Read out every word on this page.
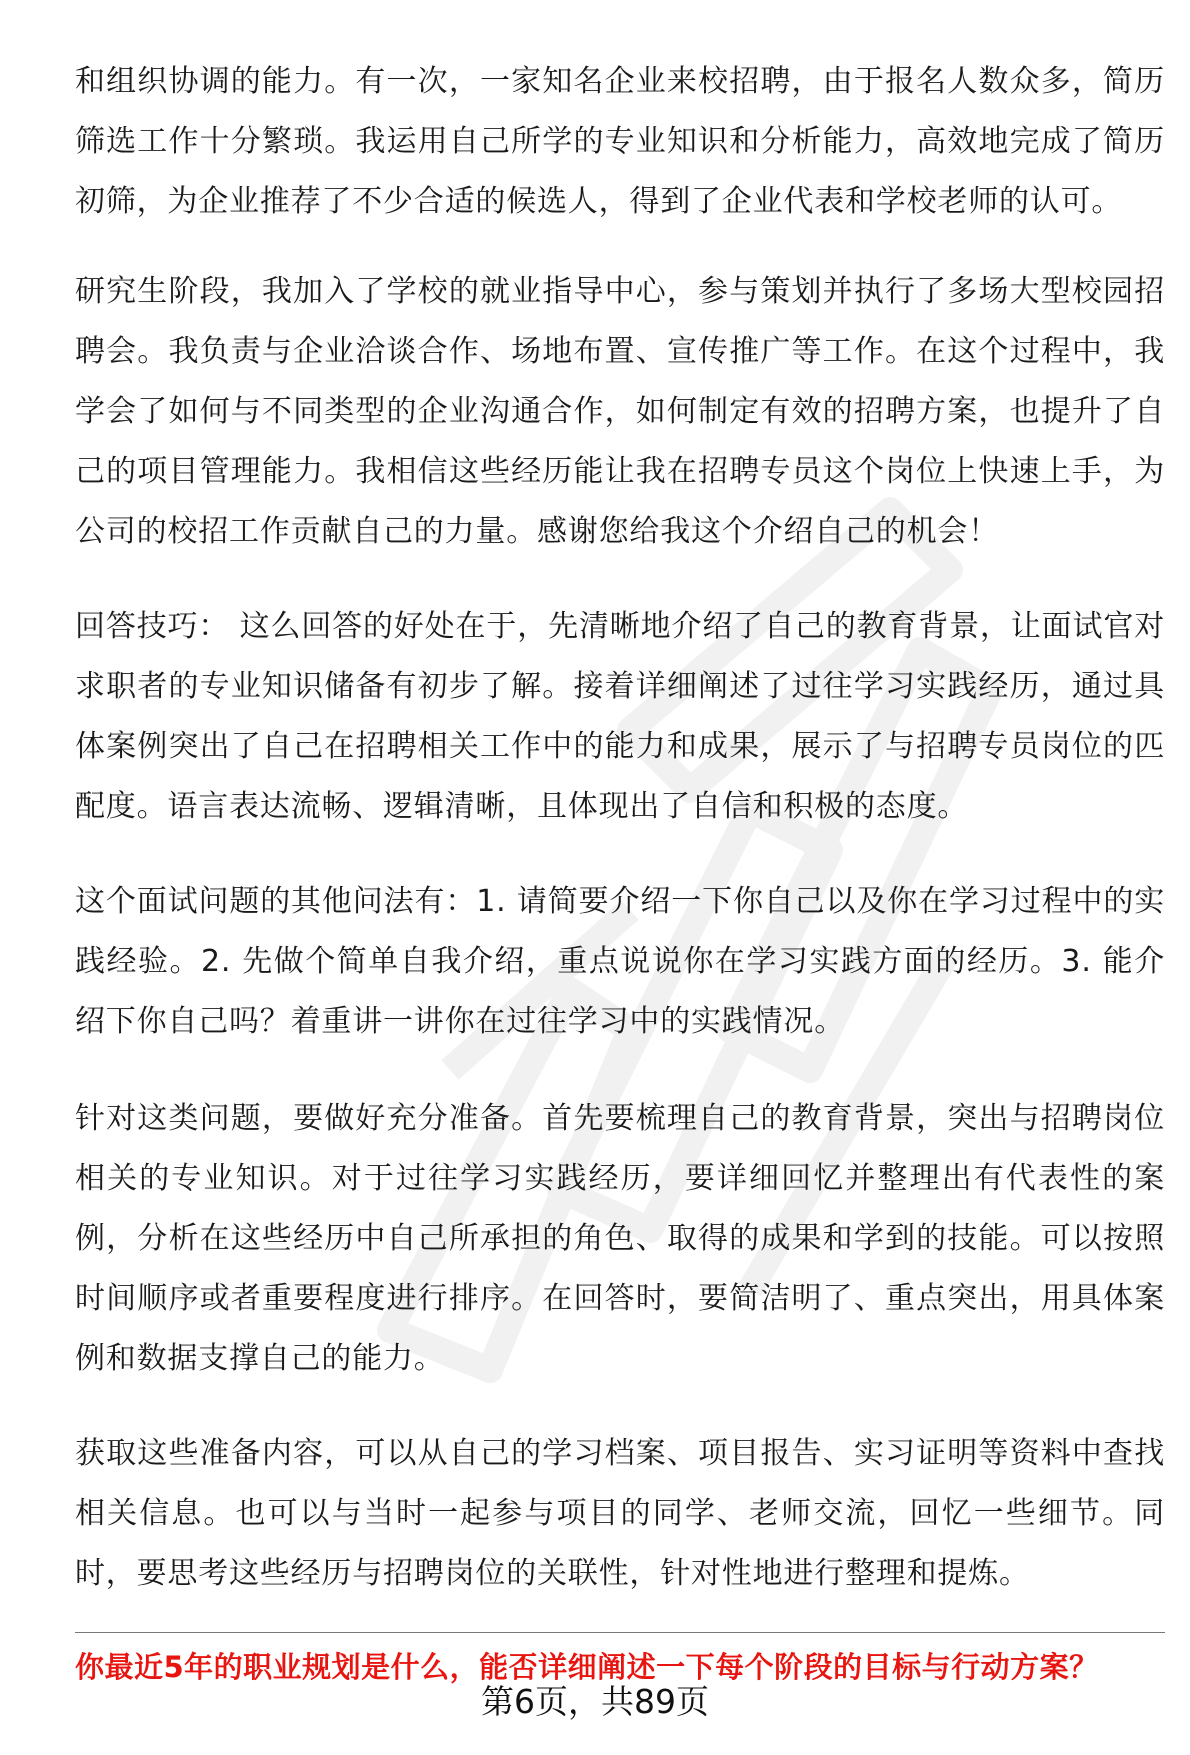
和组织协调的能力。有一次，一家知名企业来校招聘，由于报名人数众多，简历筛选工作十分繁琐。我运用自己所学的专业知识和分析能力，高效地完成了简历初筛，为企业推荐了不少合适的候选人，得到了企业代表和学校老师的认可。

研究生阶段，我加入了学校的就业指导中心，参与策划并执行了多场大型校园招聘会。我负责与企业洽谈合作、场地布置、宣传推广等工作。在这个过程中，我学会了如何与不同类型的企业沟通合作，如何制定有效的招聘方案，也提升了自己的项目管理能力。我相信这些经历能让我在招聘专员这个岗位上快速上手，为公司的校招工作贡献自己的力量。感谢您给我这个介绍自己的机会！

回答技巧： 这么回答的好处在于，先清晰地介绍了自己的教育背景，让面试官对求职者的专业知识储备有初步了解。接着详细阐述了过往学习实践经历，通过具体案例突出了自己在招聘相关工作中的能力和成果，展示了与招聘专员岗位的匹配度。语言表达流畅、逻辑清晰，且体现出了自信和积极的态度。

这个面试问题的其他问法有：1. 请简要介绍一下你自己以及你在学习过程中的实践经验。2. 先做个简单自我介绍，重点说说你在学习实践方面的经历。3. 能介绍下你自己吗？着重讲一讲你在过往学习中的实践情况。

针对这类问题，要做好充分准备。首先要梳理自己的教育背景，突出与招聘岗位相关的专业知识。对于过往学习实践经历，要详细回忆并整理出有代表性的案例，分析在这些经历中自己所承担的角色、取得的成果和学到的技能。可以按照时间顺序或者重要程度进行排序。在回答时，要简洁明了、重点突出，用具体案例和数据支撑自己的能力。

获取这些准备内容，可以从自己的学习档案、项目报告、实习证明等资料中查找相关信息。也可以与当时一起参与项目的同学、老师交流，回忆一些细节。同时，要思考这些经历与招聘岗位的关联性，针对性地进行整理和提炼。

你最近5年的职业规划是什么，能否详细阐述一下每个阶段的目标与行动方案？
第6页，共89页
